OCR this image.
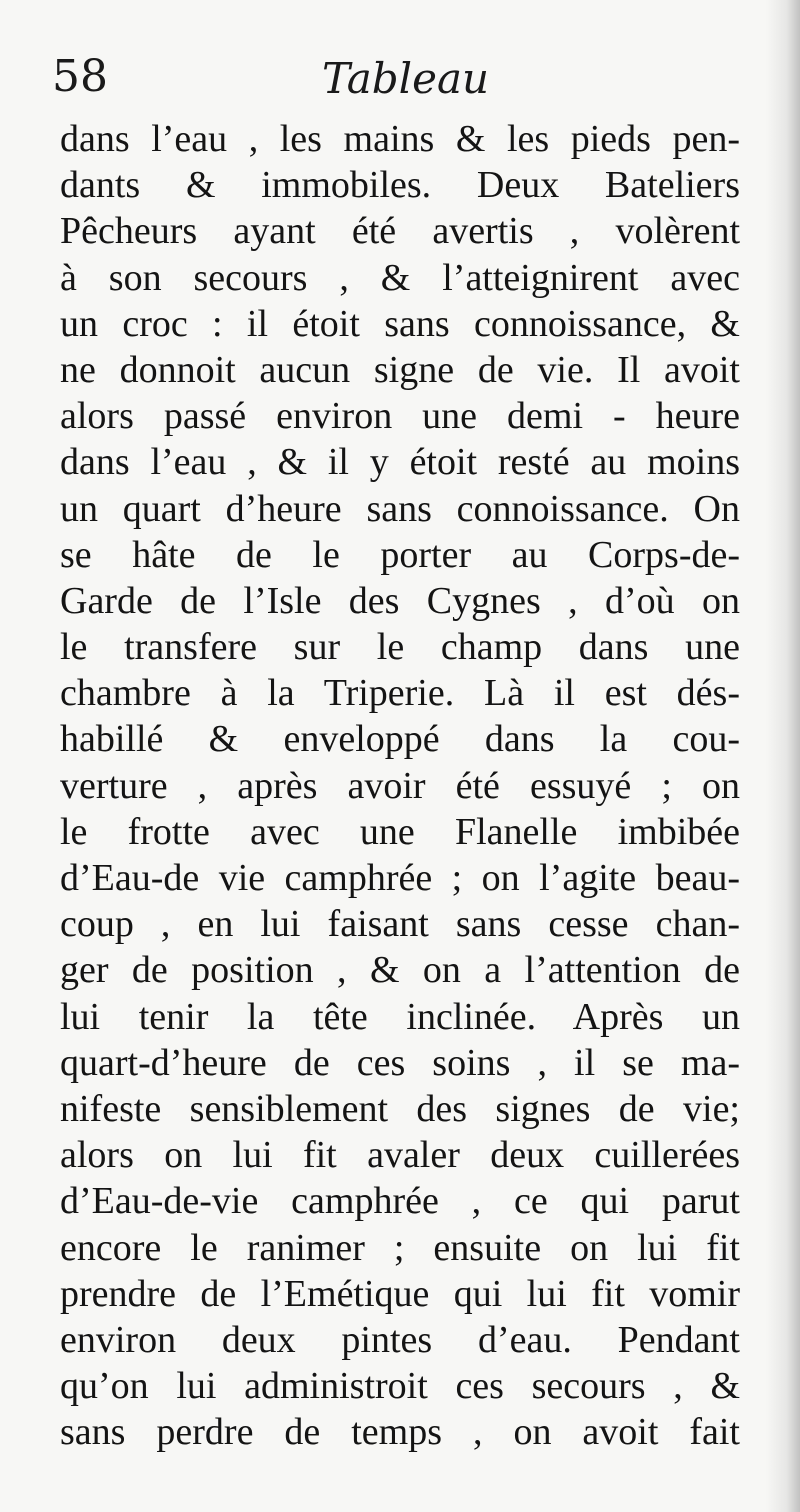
58	Tableau
dans l’eau , les mains & les pieds pen-
dants & immobiles. Deux Bateliers
Pêcheurs ayant été avertis , volèrent
à son secours , & l’atteignirent avec
un croc : il étoit sans connoissance, &
ne donnoit aucun signe de vie. Il avoit
alors passé environ une demi - heure
dans l’eau , & il y étoit resté au moins
un quart d’heure sans connoissance. On
se hâte de le porter au Corps-de-
Garde de l’Isle des Cygnes , d’où on
le transfere sur le champ dans une
chambre à la Triperie. Là il est dés-
habillé & enveloppé dans la cou-
verture , après avoir été essuyé ; on
le frotte avec une Flanelle imbibée
d’Eau-de vie camphrée ; on l’agite beau-
coup , en lui faisant sans cesse chan-
ger de position , & on a l’attention de
lui tenir la tête inclinée. Après un
quart-d’heure de ces soins , il se ma-
nifeste sensiblement des signes de vie;
alors on lui fit avaler deux cuillerées
d’Eau-de-vie camphrée , ce qui parut
encore le ranimer ; ensuite on lui fit
prendre de l’Emétique qui lui fit vomir
environ deux pintes d’eau. Pendant
qu’on lui administroit ces secours , &
sans perdre de temps , on avoit fait
